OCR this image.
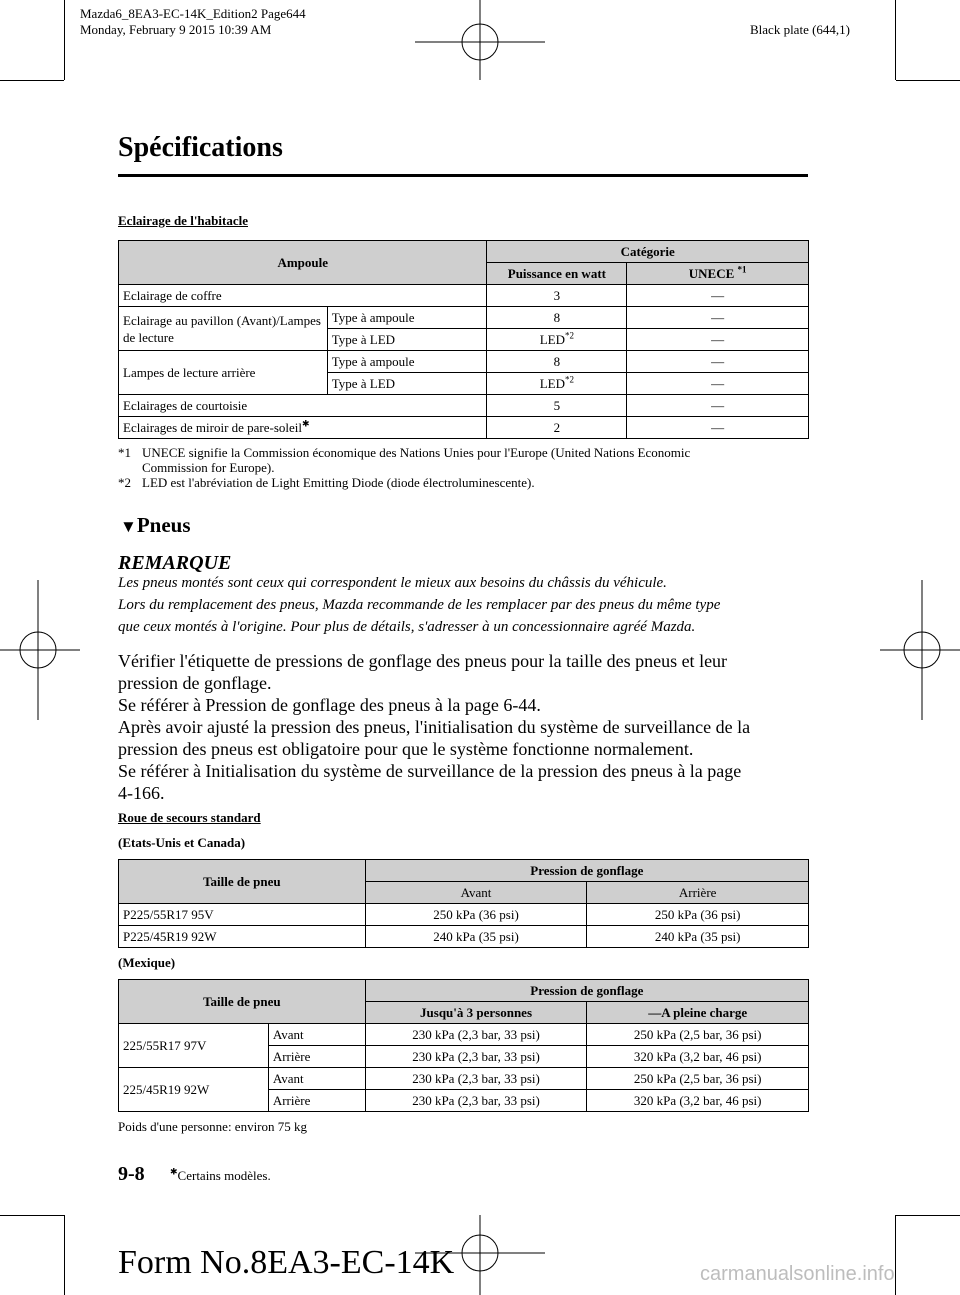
Mazda6_8EA3-EC-14K_Edition2 Page644
Monday, February 9 2015 10:39 AM	Black plate (644,1)
Spécifications
Eclairage de l'habitacle
Ampoule		Catégorie	
		Puissance en watt	UNECE $^{*1}$
Eclairage de coffre		3	―
Eclairage au pavillon (Avant)/Lampes de lecture	Type à ampoule	8	―
	Type à LED	LED$^{*2}$	―
Lampes de lecture arrière	Type à ampoule	8	―
	Type à LED	LED$^{*2}$	―
Eclairages de courtoisie		5	―
Eclairages de miroir de pare-soleil✱		2	―
*1 UNECE signifie la Commission économique des Nations Unies pour l'Europe (United Nations Economic
Commission for Europe).
*2 LED est l'abréviation de Light Emitting Diode (diode électroluminescente).
▼Pneus
REMARQUE
Les pneus montés sont ceux qui correspondent le mieux aux besoins du châssis du véhicule.
Lors du remplacement des pneus, Mazda recommande de les remplacer par des pneus du même type
que ceux montés à l'origine. Pour plus de détails, s'adresser à un concessionnaire agréé Mazda.
Vérifier l'étiquette de pressions de gonflage des pneus pour la taille des pneus et leur
pression de gonflage.
Se référer à Pression de gonflage des pneus à la page 6-44.
Après avoir ajusté la pression des pneus, l'initialisation du système de surveillance de la
pression des pneus est obligatoire pour que le système fonctionne normalement.
Se référer à Initialisation du système de surveillance de la pression des pneus à la page
4-166.
Roue de secours standard
(Etats-Unis et Canada)
Taille de pneu	Pression de gonflage	
	Avant	Arrière
P225/55R17 95V	250 kPa (36 psi)	250 kPa (36 psi)
P225/45R19 92W	240 kPa (35 psi)	240 kPa (35 psi)
(Mexique)
Taille de pneu		Pression de gonflage	
		Jusqu'à 3 personnes	―A pleine charge
225/55R17 97V	Avant	230 kPa (2,3 bar, 33 psi)	250 kPa (2,5 bar, 36 psi)
	Arrière	230 kPa (2,3 bar, 33 psi)	320 kPa (3,2 bar, 46 psi)
225/45R19 92W	Avant	230 kPa (2,3 bar, 33 psi)	250 kPa (2,5 bar, 36 psi)
	Arrière	230 kPa (2,3 bar, 33 psi)	320 kPa (3,2 bar, 46 psi)
Poids d'une personne: environ 75 kg
9-8	✱Certains modèles.
Form No.8EA3-EC-14K	carmanualsonline.info
